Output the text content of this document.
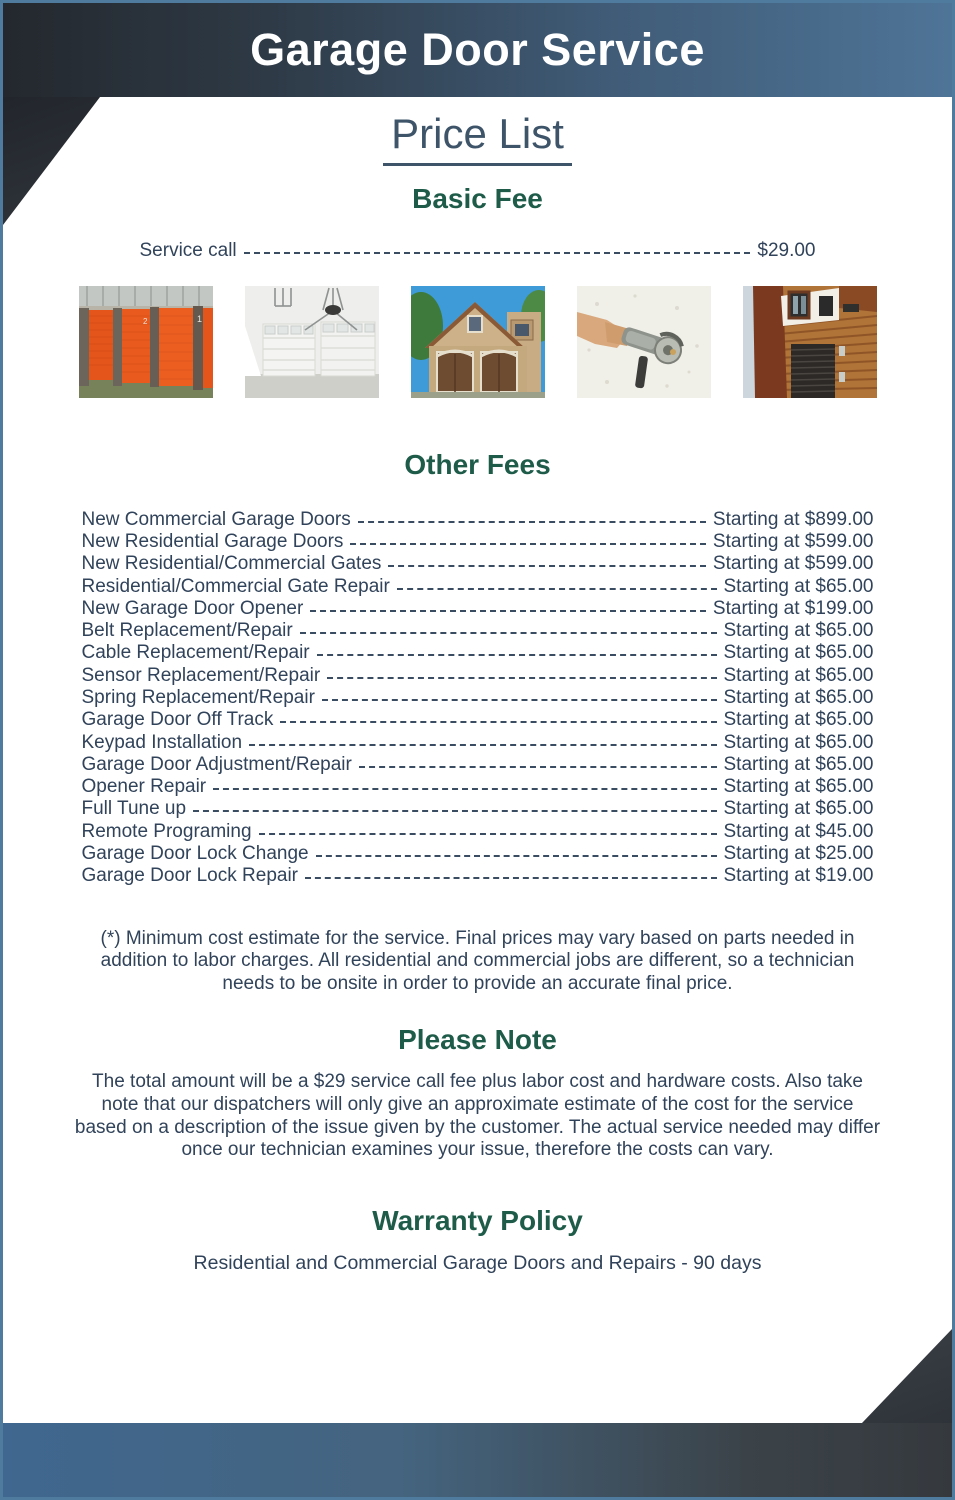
Garage Door Service
Price List
Basic Fee
Service call	$29.00
1
2
Other Fees
New Commercial Garage Doors	Starting at $899.00
New Residential Garage Doors	Starting at $599.00
New Residential/Commercial Gates	Starting at $599.00
Residential/Commercial Gate Repair	Starting at $65.00
New Garage Door Opener	Starting at $199.00
Belt Replacement/Repair	Starting at $65.00
Cable Replacement/Repair	Starting at $65.00
Sensor Replacement/Repair	Starting at $65.00
Spring Replacement/Repair	Starting at $65.00
Garage Door Off Track	Starting at $65.00
Keypad Installation	Starting at $65.00
Garage Door Adjustment/Repair	Starting at $65.00
Opener Repair	Starting at $65.00
Full Tune up	Starting at $65.00
Remote Programing	Starting at $45.00
Garage Door Lock Change	Starting at $25.00
Garage Door Lock Repair	Starting at $19.00

(*) Minimum cost estimate for the service. Final prices may vary based on parts needed in addition to labor charges. All residential and commercial jobs are different, so a technician needs to be onsite in order to provide an accurate final price.

Please Note

The total amount will be a $29 service call fee plus labor cost and hardware costs. Also take note that our dispatchers will only give an approximate estimate of the cost for the service based on a description of the issue given by the customer. The actual service needed may differ once our technician examines your issue, therefore the costs can vary.

Warranty Policy

Residential and Commercial Garage Doors and Repairs - 90 days
